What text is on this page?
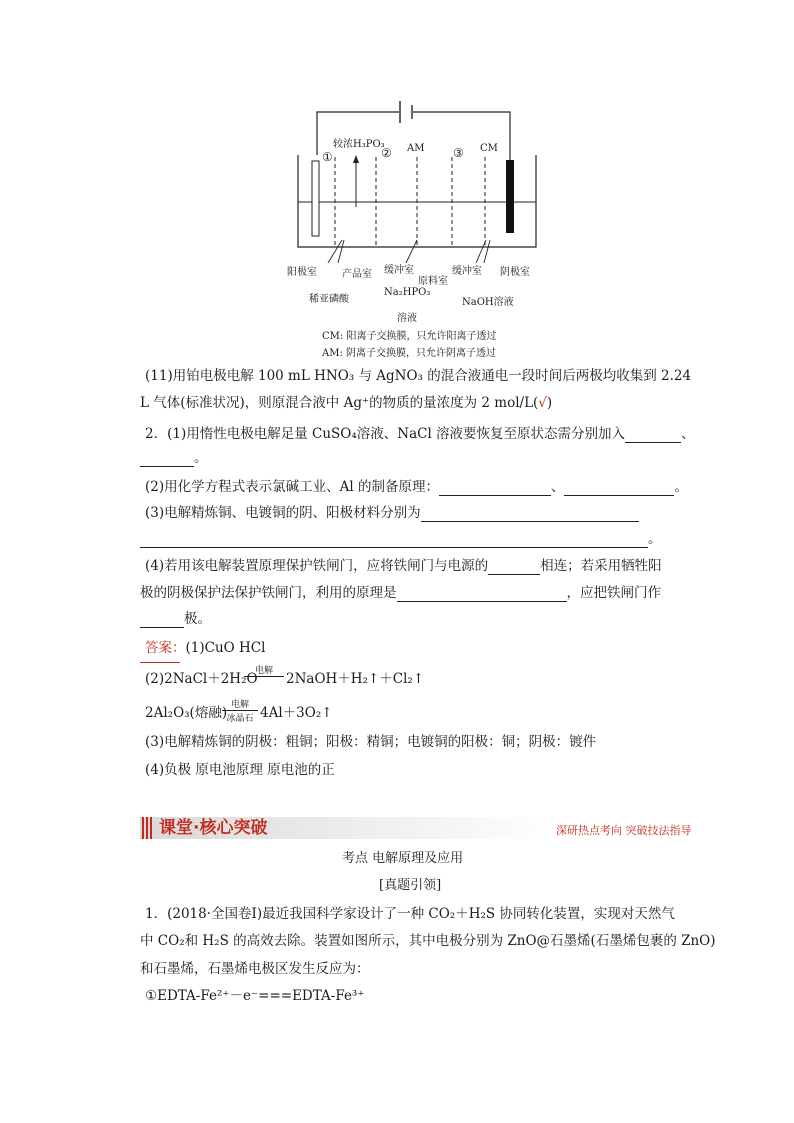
①
较浓H₃PO₃
② AM ③ CM
阳极室	产品室 缓冲室
原料室
缓冲室 阴极室
稀亚磷酸
Na₂HPO₃
溶液
NaOH溶液
CM: 阳离子交换膜，只允许阳离子透过
AM: 阴离子交换膜，只允许阴离子透过
(11)用铂电极电解 100 mL HNO₃ 与 AgNO₃ 的混合液通电一段时间后两极均收集到 2.24
L 气体(标准状况)，则原混合液中 Ag⁺的物质的量浓度为 2 mol/L(√)
2．(1)用惰性电极电解足量 CuSO₄溶液、NaCl 溶液要恢复至原状态需分别加入	、
。
(2)用化学方程式表示氯碱工业、Al 的制备原理：	、	。
(3)电解精炼铜、电镀铜的阴、阳极材料分别为
。
(4)若用该电解装置原理保护铁闸门，应将铁闸门与电源的	相连；若采用牺牲阳
极的阴极保护法保护铁闸门，利用的原理是	，应把铁闸门作
极。
答案：(1)CuO HCl
(2)2NaCl＋2H₂O
电解 2NaOH＋H₂↑＋Cl₂↑
2Al₂O₃(熔融) 电解
冰晶石 4Al＋3O₂↑
(3)电解精炼铜的阴极：粗铜；阳极：精铜；电镀铜的阳极：铜；阴极：镀件
(4)负极 原电池原理 原电池的正
课堂·核心突破	深研热点考向 突破技法指导
考点 电解原理及应用
[真题引领]
1．(2018·全国卷Ⅰ)最近我国科学家设计了一种 CO₂＋H₂S 协同转化装置，实现对天然气
中 CO₂和 H₂S 的高效去除。装置如图所示，其中电极分别为 ZnO@石墨烯(石墨烯包裹的 ZnO)
和石墨烯，石墨烯电极区发生反应为：
①EDTA-Fe²⁺－e⁻===EDTA-Fe³⁺
